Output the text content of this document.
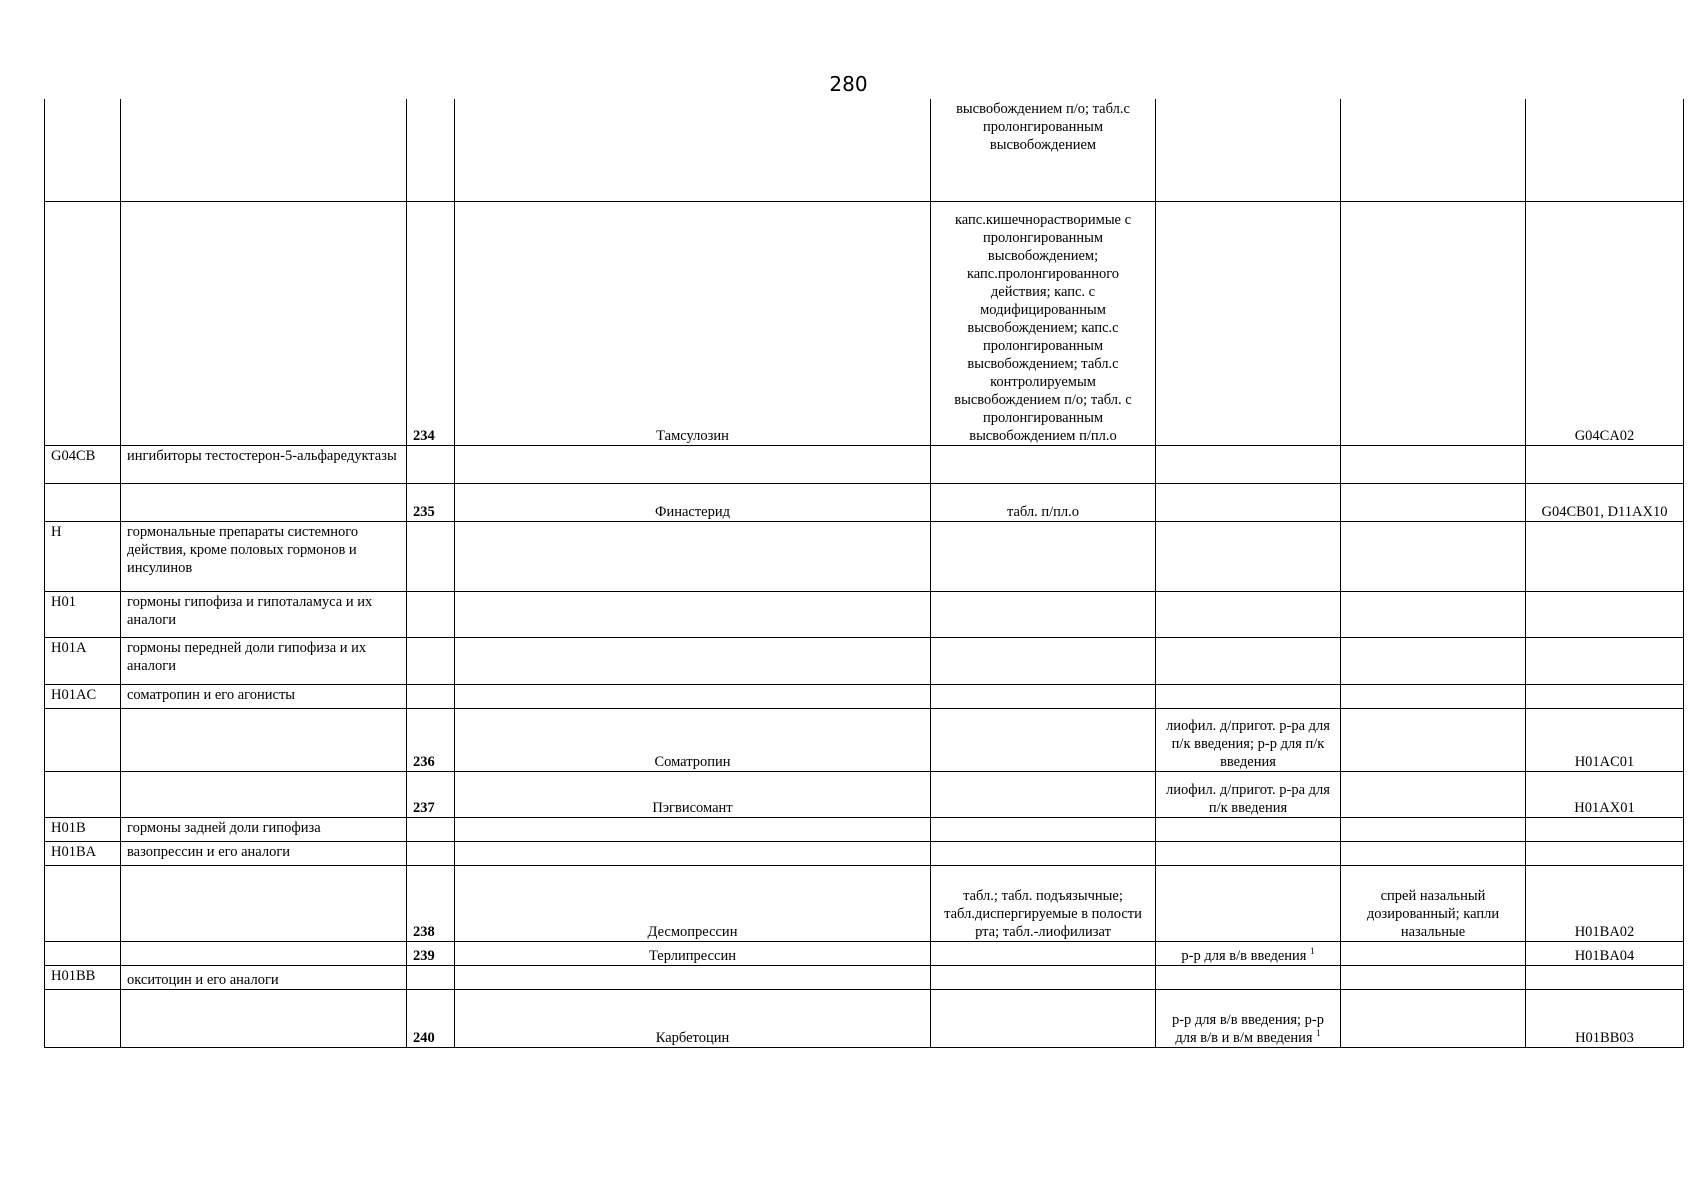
280
				высвобождением п/о; табл.с пролонгированным высвобождением			
		234	Тамсулозин	капс.кишечнорастворимые с пролонгированным высвобождением; капс.пролонгированного действия; капс. с модифицированным высвобождением; капс.с пролонгированным высвобождением; табл.с контролируемым высвобождением п/о; табл. с пролонгированным высвобождением п/пл.о			G04CA02
G04CB	ингибиторы тестостерон-5-альфаредуктазы						
		235	Финастерид	табл. п/пл.о			G04CB01, D11AX10
H	гормональные препараты системного действия, кроме половых гормонов и инсулинов						
H01	гормоны гипофиза и гипоталамуса и их аналоги						
H01A	гормоны передней доли гипофиза и их аналоги						
H01AC	соматропин и его агонисты						
		236	Соматропин		лиофил. д/пригот. р-ра для п/к введения; р-р для п/к введения		H01AC01
		237	Пэгвисомант		лиофил. д/пригот. р-ра для п/к введения		H01AX01
H01B	гормоны задней доли гипофиза						
H01BA	вазопрессин и его аналоги						
		238	Десмопрессин	табл.; табл. подъязычные; табл.диспергируемые в полости рта; табл.-лиофилизат		спрей назальный дозированный; капли назальные	H01BA02
		239	Терлипрессин		р-р для в/в введения $^1$		H01BA04
H01BB	окситоцин и его аналоги						
		240	Карбетоцин		р-р для в/в введения; р-р для в/в и в/м введения $^1$		H01BB03
